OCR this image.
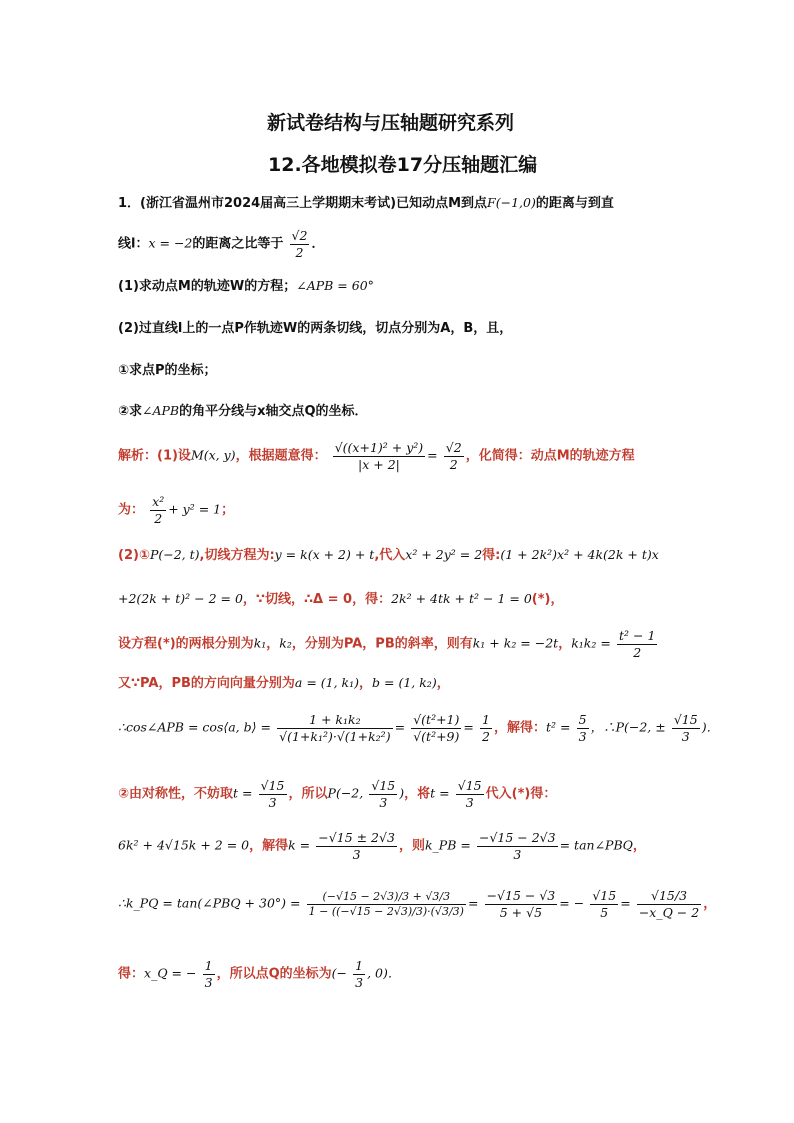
新试卷结构与压轴题研究系列
12.各地模拟卷17分压轴题汇编
1．(浙江省温州市2024届高三上学期期末考试)已知动点M到点F(−1,0)的距离与到直
线l：x = −2的距离之比等于 $\frac{√2}{2}$ ．
(1)求动点M的轨迹W的方程；∠APB = 60°
(2)过直线l上的一点P作轨迹W的两条切线，切点分别为A，B，且，
①求点P的坐标；
②求∠APB的角平分线与x轴交点Q的坐标．
解析：(1)设M(x, y)，根据题意得： $\frac{\text{√((x+1)² + y²)}}{|x + 2|} = \frac{√2}{2}$ ，化简得：动点M的轨迹方程
为： $\frac{\text{x²}}{2} + y^2 = 1$；
(2)①P(−2, t),切线方程为:y = k(x + 2) + t,代入x² + 2y² = 2得:(1 + 2k²)x² + 4k(2k + t)x
+2(2k + t)² − 2 = 0，∵切线，∴Δ = 0，得：2k² + 4tk + t² − 1 = 0(*)，
设方程(*)的两根分别为k₁，k₂，分别为PA，PB的斜率，则有k₁ + k₂ = −2t，$k_1k_2 = \frac{\text{t² − 1}}{2}$
又∵PA，PB的方向向量分别为a = (1, k₁)，b = (1, k₂)，
∴cos∠APB = cos⟨a, b⟩ = $\frac{\text{1 + k₁k₂}}{\text{√(1+k₁²)·√(1+k₂²)}} = \frac{\text{√(t²+1)}}{\text{√(t²+9)}} = \frac{1}{2}$ ，解得：$t^2 = \frac{5}{3}$ ，∴P(−2, ± $\frac{√15}{3}$ )．
②由对称性，不妨取$t = \frac{√15}{3}$ ，所以P(−2, $\frac{√15}{3}$ )，将$t = \frac{√15}{3}$ 代入(*)得：
6k² + 4√15k + 2 = 0，解得$k = \frac{-√15 \pm 2√3}{3}$ ，则k_PB = $\frac{-√15 - 2√3}{3}$ = tan∠PBQ，
∴k_PQ = tan(∠PBQ + $30^\circ) = \frac{(-√15 - 2√3)/3 + √3/3}{1 - ((-√15 - 2√3)/3)\cdot(√3/3)} = \frac{-√15 - √3}{5 + √5}$ = − $\frac{√15}{5} = \frac{√15/3}{-x\_Q - 2}$ ，
得：x_Q = − $\frac{1}{3}$ ，所以点Q的坐标为(− $\frac{1}{3}$ , 0)．
